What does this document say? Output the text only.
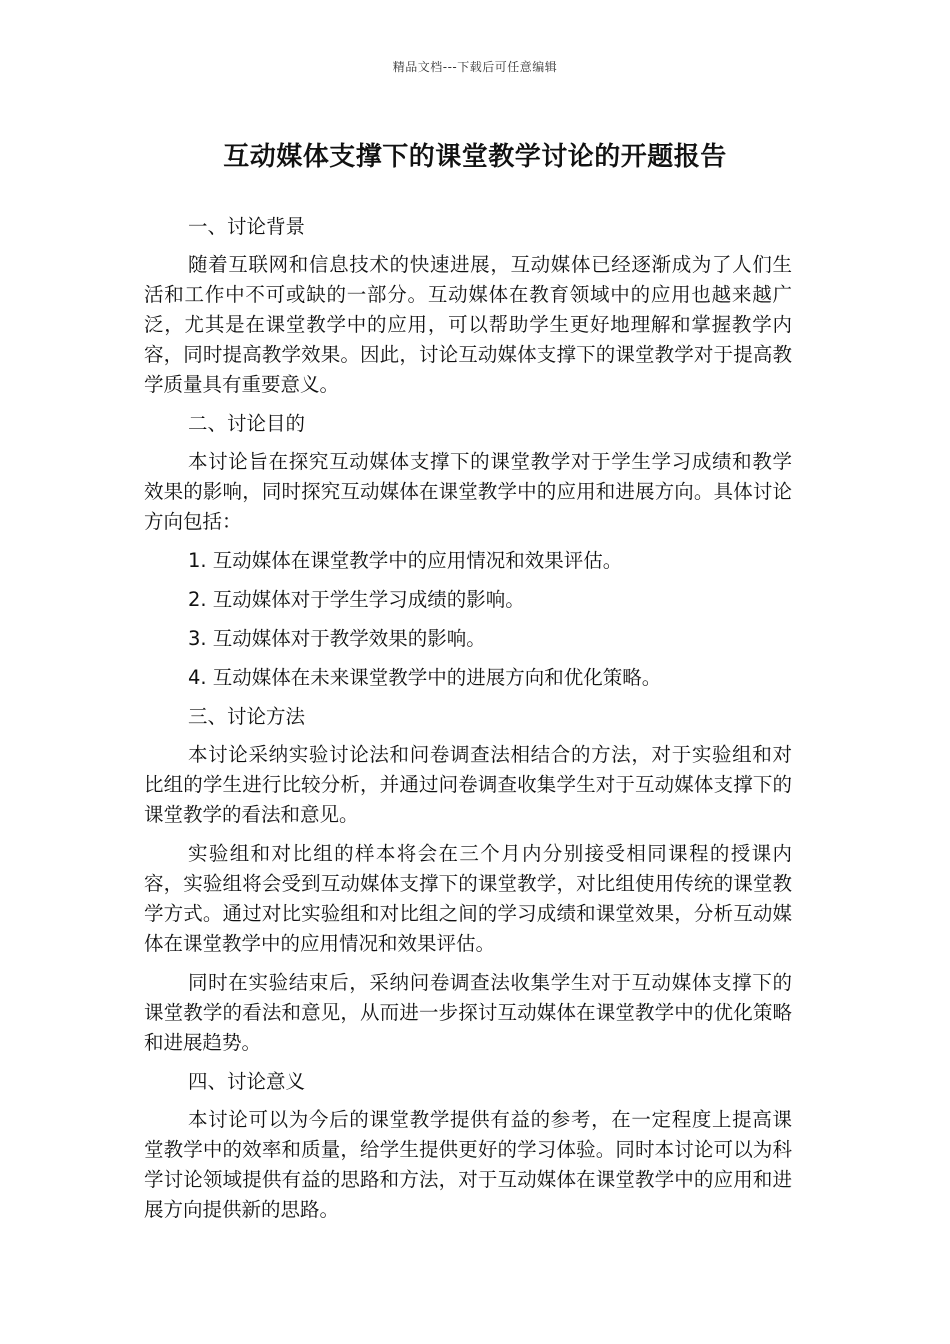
精品文档---下载后可任意编辑
互动媒体支撑下的课堂教学讨论的开题报告

一、讨论背景

随着互联网和信息技术的快速进展，互动媒体已经逐渐成为了人们生活和工作中不可或缺的一部分。互动媒体在教育领域中的应用也越来越广泛，尤其是在课堂教学中的应用，可以帮助学生更好地理解和掌握教学内容，同时提高教学效果。因此，讨论互动媒体支撑下的课堂教学对于提高教学质量具有重要意义。

二、讨论目的

本讨论旨在探究互动媒体支撑下的课堂教学对于学生学习成绩和教学效果的影响，同时探究互动媒体在课堂教学中的应用和进展方向。具体讨论方向包括：

1. 互动媒体在课堂教学中的应用情况和效果评估。

2. 互动媒体对于学生学习成绩的影响。

3. 互动媒体对于教学效果的影响。

4. 互动媒体在未来课堂教学中的进展方向和优化策略。

三、讨论方法

本讨论采纳实验讨论法和问卷调查法相结合的方法，对于实验组和对比组的学生进行比较分析，并通过问卷调查收集学生对于互动媒体支撑下的课堂教学的看法和意见。

实验组和对比组的样本将会在三个月内分别接受相同课程的授课内容，实验组将会受到互动媒体支撑下的课堂教学，对比组使用传统的课堂教学方式。通过对比实验组和对比组之间的学习成绩和课堂效果，分析互动媒体在课堂教学中的应用情况和效果评估。

同时在实验结束后，采纳问卷调查法收集学生对于互动媒体支撑下的课堂教学的看法和意见，从而进一步探讨互动媒体在课堂教学中的优化策略和进展趋势。

四、讨论意义

本讨论可以为今后的课堂教学提供有益的参考，在一定程度上提高课堂教学中的效率和质量，给学生提供更好的学习体验。同时本讨论可以为科学讨论领域提供有益的思路和方法，对于互动媒体在课堂教学中的应用和进展方向提供新的思路。
